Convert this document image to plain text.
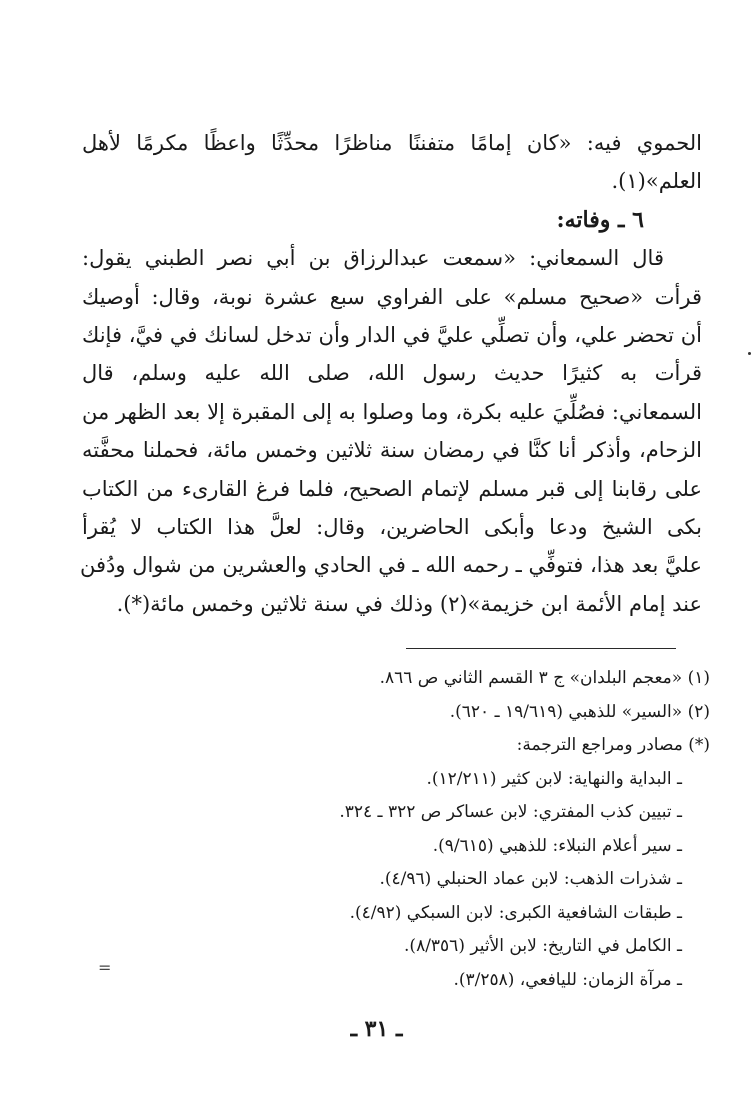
الحموي فيه: «كان إمامًا متفننًا مناظرًا محدِّثًا واعظًا مكرمًا لأهل
العلم»(١).
٦ ـ وفاته:
قال السمعاني: «سمعت عبدالرزاق بن أبي نصر الطبني يقول:
قرأت «صحيح مسلم» على الفراوي سبع عشرة نوبة، وقال: أوصيك
أن تحضر علي، وأن تصلِّي عليَّ في الدار وأن تدخل لسانك في فيَّ، فإنك
قرأت به كثيرًا حديث رسول الله، صلى الله عليه وسلم، قال
السمعاني: فصُلِّيَ عليه بكرة، وما وصلوا به إلى المقبرة إلا بعد الظهر من
الزحام، وأذكر أنا كنَّا في رمضان سنة ثلاثين وخمس مائة، فحملنا محفَّته
على رقابنا إلى قبر مسلم لإتمام الصحيح، فلما فرغ القارىء من الكتاب
بكى الشيخ ودعا وأبكى الحاضرين، وقال: لعلَّ هذا الكتاب لا يُقرأ
عليَّ بعد هذا، فتوفِّي ـ رحمه الله ـ في الحادي والعشرين من شوال ودُفن
عند إمام الأئمة ابن خزيمة»(٢) وذلك في سنة ثلاثين وخمس مائة(*).
(١) «معجم البلدان» ج ٣ القسم الثاني ص ٨٦٦.
(٢) «السير» للذهبي (١٩/٦١٩ ـ ٦٢٠).
(*) مصادر ومراجع الترجمة:
ـ البداية والنهاية: لابن كثير (١٢/٢١١).
ـ تبيين كذب المفتري: لابن عساكر ص ٣٢٢ ـ ٣٢٤.
ـ سير أعلام النبلاء: للذهبي (٩/٦١٥).
ـ شذرات الذهب: لابن عماد الحنبلي (٤/٩٦).
ـ طبقات الشافعية الكبرى: لابن السبكي (٤/٩٢).
ـ الكامل في التاريخ: لابن الأثير (٨/٣٥٦).
ـ مرآة الزمان: لليافعي، (٣/٢٥٨).
=
ـ ٣١ ـ
